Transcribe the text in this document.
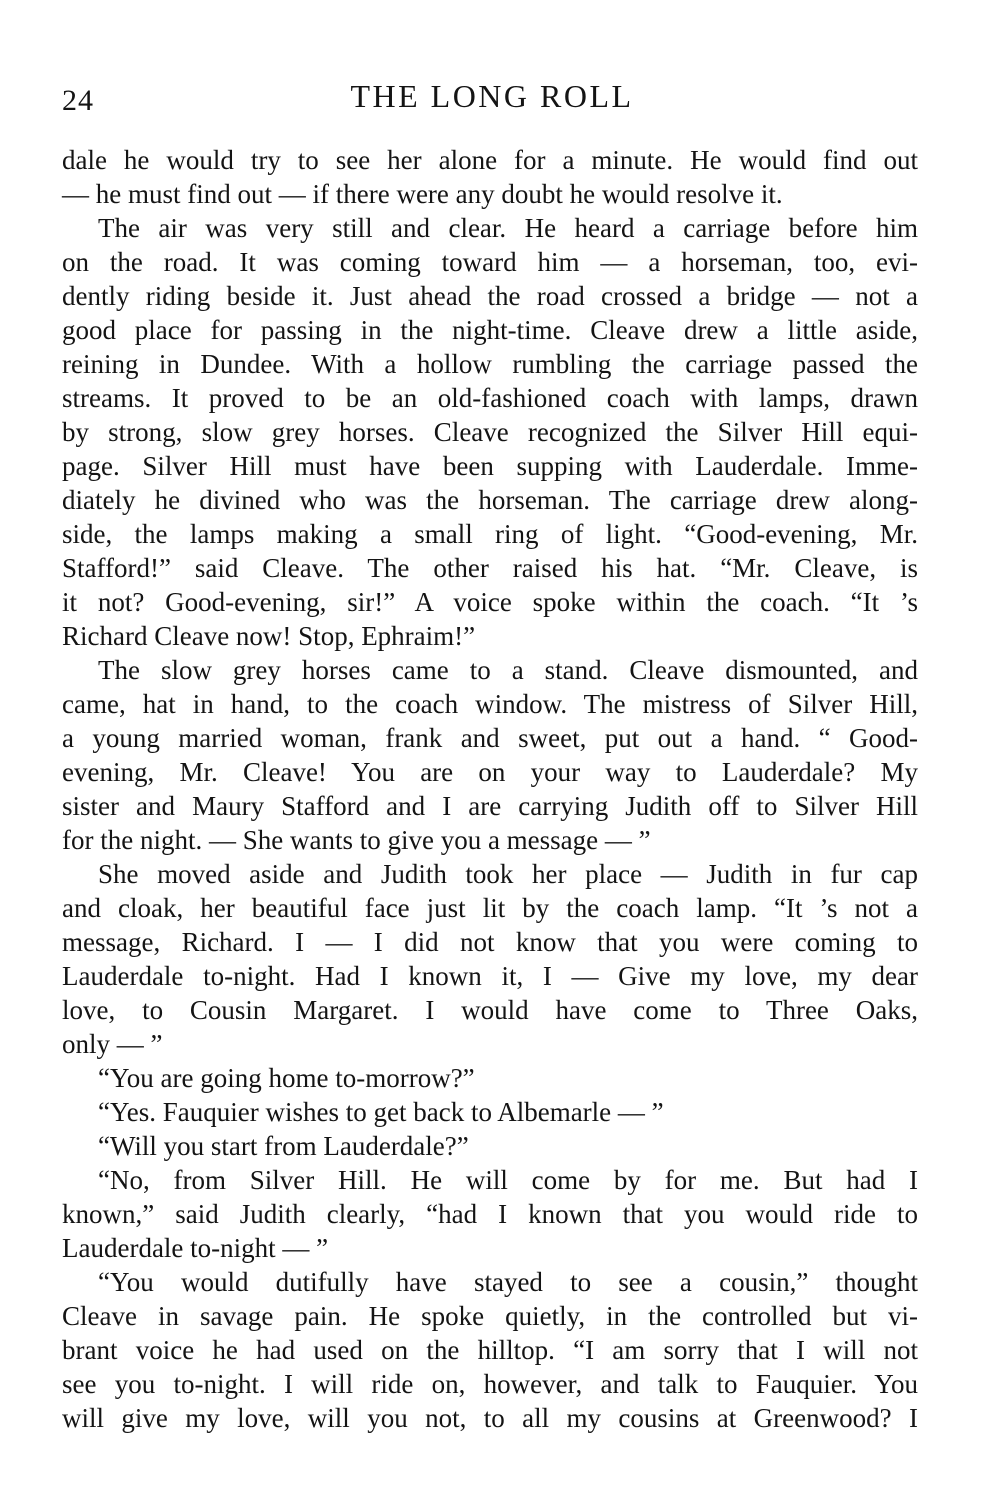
24	THE LONG ROLL
dale he would try to see her alone for a minute. He would find out
— he must find out — if there were any doubt he would resolve it.
The air was very still and clear. He heard a carriage before him
on the road. It was coming toward him — a horseman, too, evi-
dently riding beside it. Just ahead the road crossed a bridge — not a
good place for passing in the night-time. Cleave drew a little aside,
reining in Dundee. With a hollow rumbling the carriage passed the
streams. It proved to be an old-fashioned coach with lamps, drawn
by strong, slow grey horses. Cleave recognized the Silver Hill equi-
page. Silver Hill must have been supping with Lauderdale. Imme-
diately he divined who was the horseman. The carriage drew along-
side, the lamps making a small ring of light. “Good-evening, Mr.
Stafford!” said Cleave. The other raised his hat. “Mr. Cleave, is
it not? Good-evening, sir!” A voice spoke within the coach. “It ’s
Richard Cleave now! Stop, Ephraim!”
The slow grey horses came to a stand. Cleave dismounted, and
came, hat in hand, to the coach window. The mistress of Silver Hill,
a young married woman, frank and sweet, put out a hand. “ Good-
evening, Mr. Cleave! You are on your way to Lauderdale? My
sister and Maury Stafford and I are carrying Judith off to Silver Hill
for the night. — She wants to give you a message — ”
She moved aside and Judith took her place — Judith in fur cap
and cloak, her beautiful face just lit by the coach lamp. “It ’s not a
message, Richard. I — I did not know that you were coming to
Lauderdale to-night. Had I known it, I — Give my love, my dear
love, to Cousin Margaret. I would have come to Three Oaks,
only — ”
“You are going home to-morrow?”
“Yes. Fauquier wishes to get back to Albemarle — ”
“Will you start from Lauderdale?”
“No, from Silver Hill. He will come by for me. But had I
known,” said Judith clearly, “had I known that you would ride to
Lauderdale to-night — ”
“You would dutifully have stayed to see a cousin,” thought
Cleave in savage pain. He spoke quietly, in the controlled but vi-
brant voice he had used on the hilltop. “I am sorry that I will not
see you to-night. I will ride on, however, and talk to Fauquier. You
will give my love, will you not, to all my cousins at Greenwood? I
